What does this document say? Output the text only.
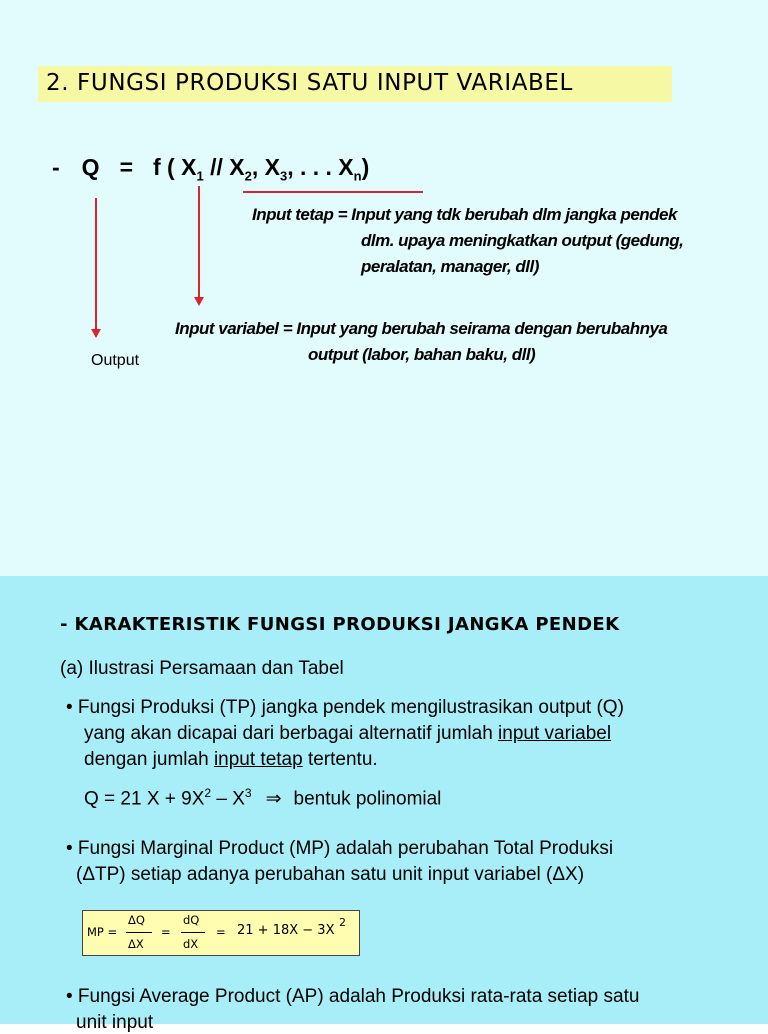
2. FUNGSI PRODUKSI SATU INPUT VARIABEL
- Q = f ( $X_1 // X_2$, $X_3$, . . . $X_n$)
Input tetap = Input yang tdk berubah dlm jangka pendek
dlm. upaya meningkatkan output (gedung,
peralatan, manager, dll)
Input variabel = Input yang berubah seirama dengan berubahnya
output (labor, bahan baku, dll)
Output
- KARAKTERISTIK FUNGSI PRODUKSI JANGKA PENDEK
(a) Ilustrasi Persamaan dan Tabel
• Fungsi Produksi (TP) jangka pendek mengilustrasikan output (Q)
yang akan dicapai dari berbagai alternatif jumlah input variabel
dengan jumlah input tetap tertentu.
Q = 21 $X + 9X^2 - X^3$ ⇒ bentuk polinomial
• Fungsi Marginal Product (MP) adalah perubahan Total Produksi
(ΔTP) setiap adanya perubahan satu unit input variabel (ΔX)
MP =
ΔQ
ΔX
=
dQ
dX
= 21 + 18X − 3X
2
• Fungsi Average Product (AP) adalah Produksi rata-rata setiap satu
unit input
